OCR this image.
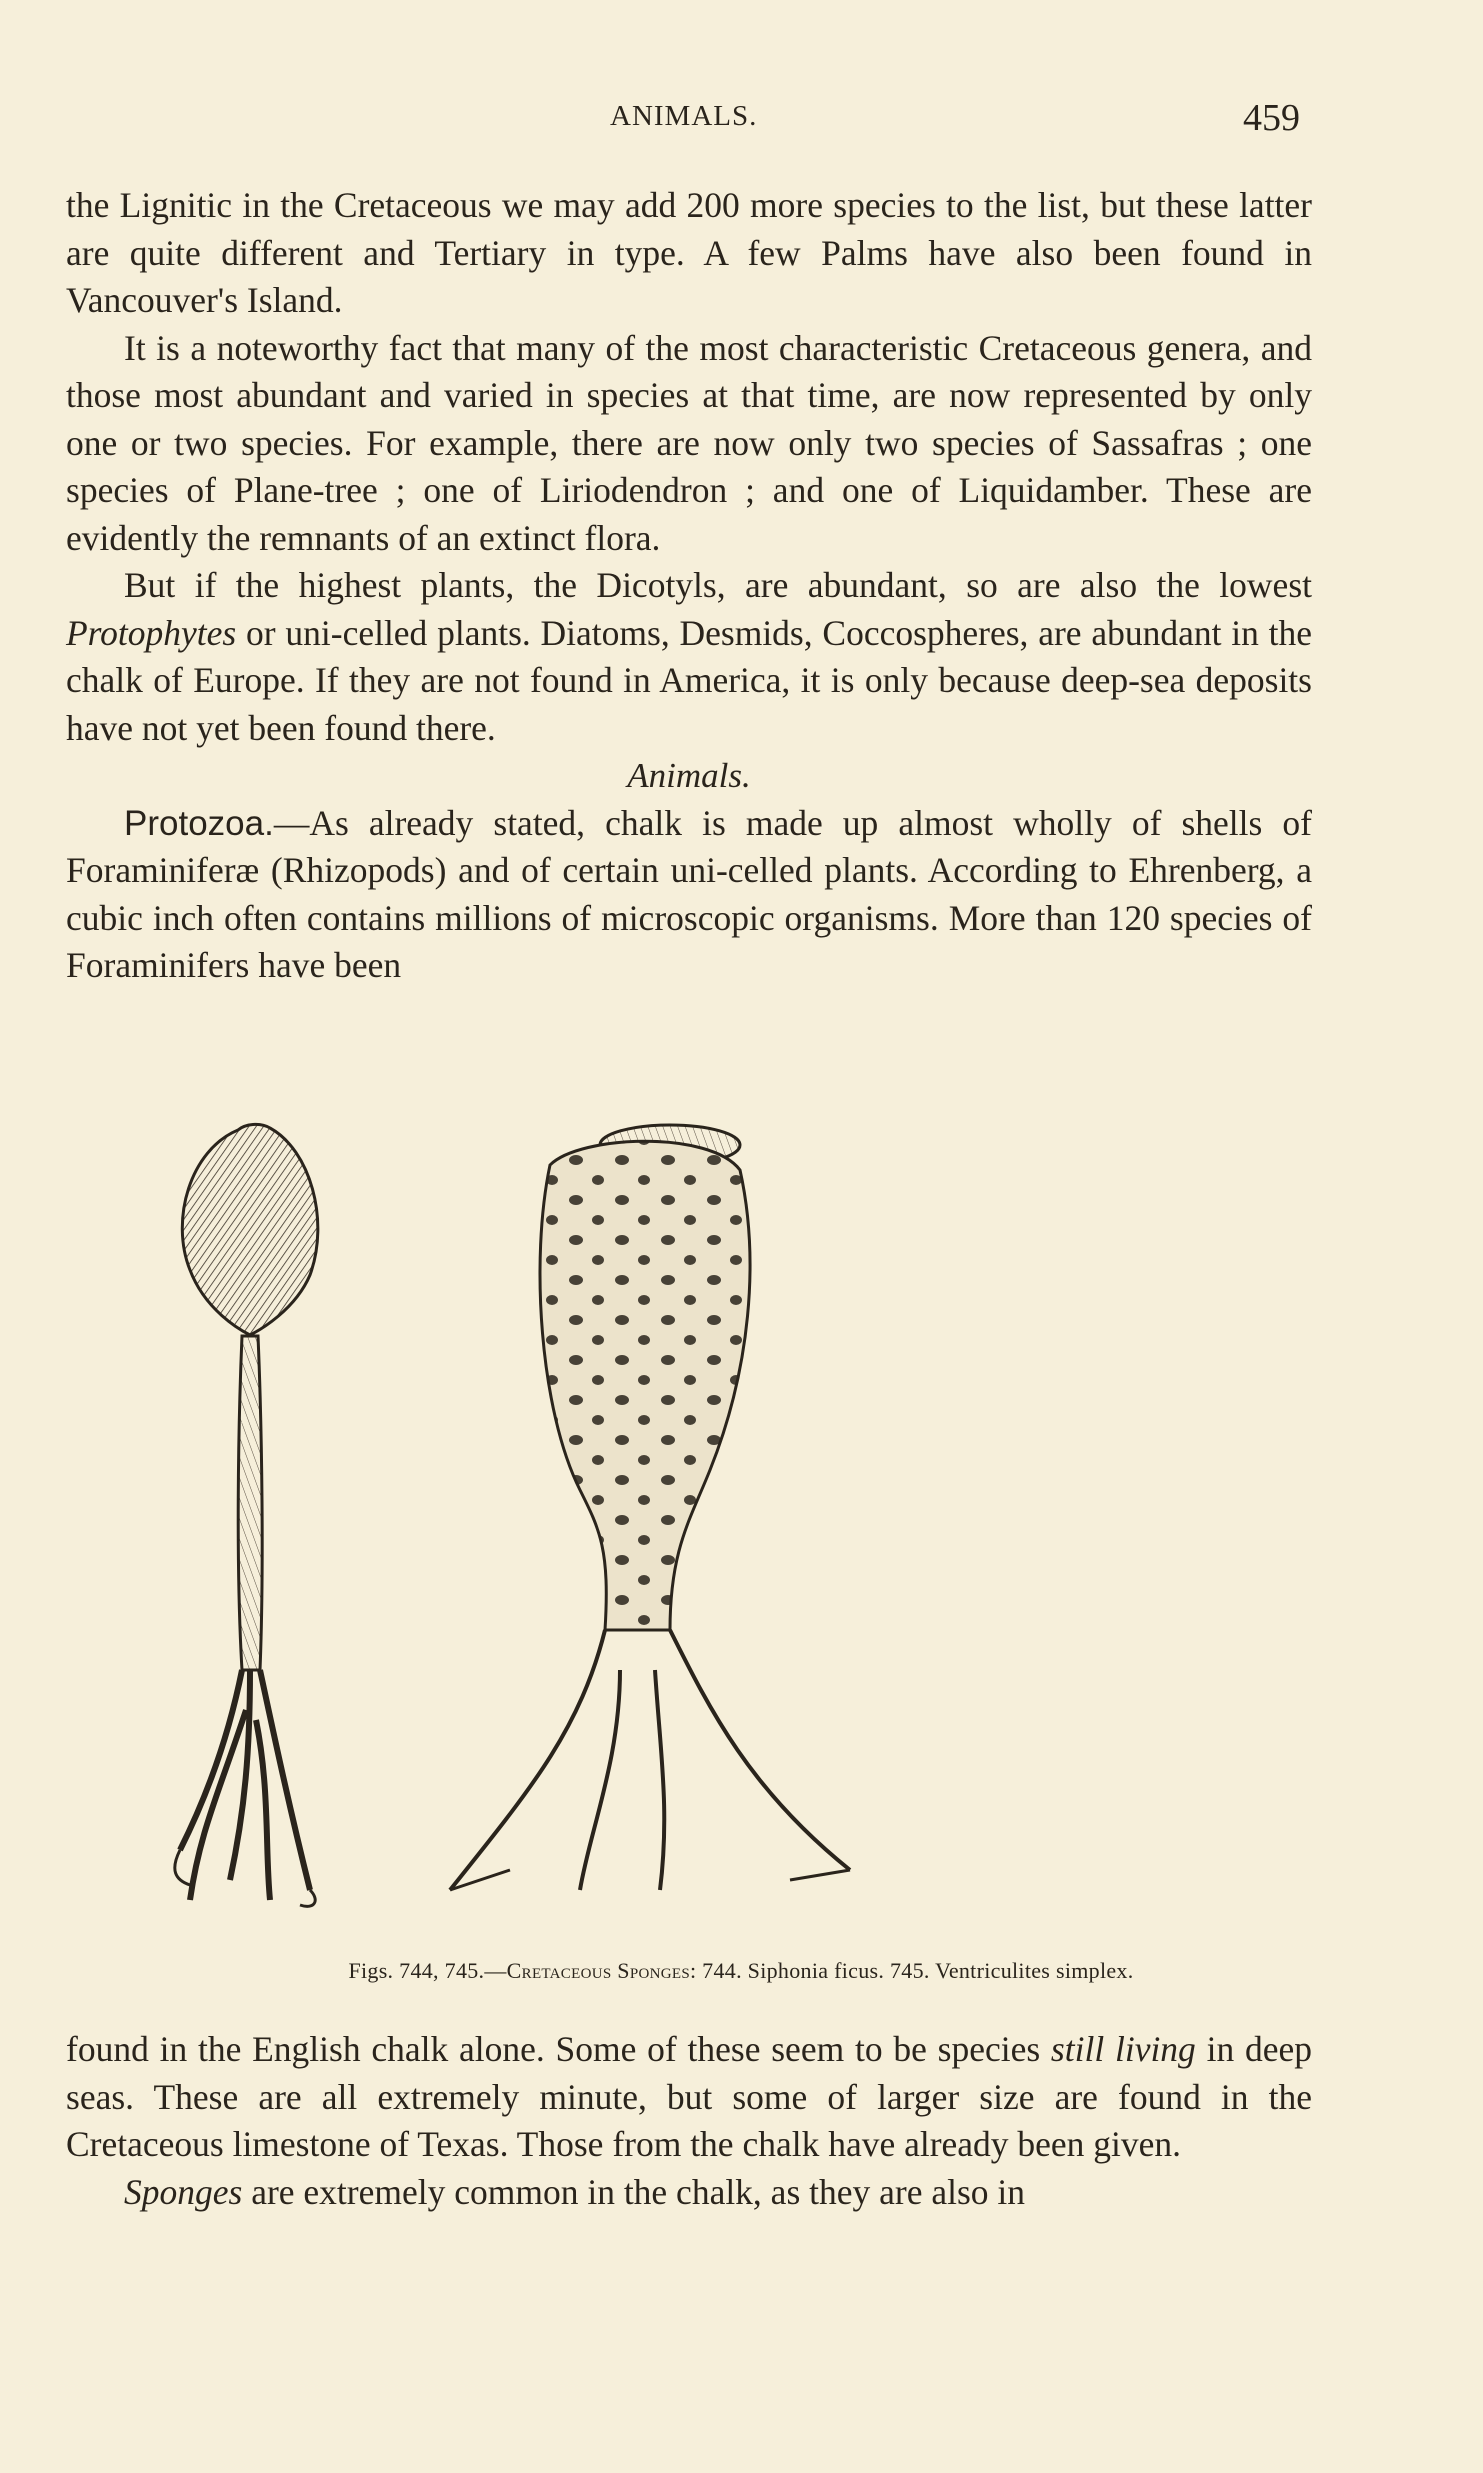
ANIMALS.	459

the Lignitic in the Cretaceous we may add 200 more species to the list, but these latter are quite different and Tertiary in type. A few Palms have also been found in Vancouver's Island.

It is a noteworthy fact that many of the most characteristic Cretaceous genera, and those most abundant and varied in species at that time, are now represented by only one or two species. For example, there are now only two species of Sassafras ; one species of Plane-tree ; one of Liriodendron ; and one of Liquidamber. These are evidently the remnants of an extinct flora.

But if the highest plants, the Dicotyls, are abundant, so are also the lowest Protophytes or uni-celled plants. Diatoms, Desmids, Coccospheres, are abundant in the chalk of Europe. If they are not found in America, it is only because deep-sea deposits have not yet been found there.

Animals.

Protozoa.—As already stated, chalk is made up almost wholly of shells of Foraminiferæ (Rhizopods) and of certain uni-celled plants. According to Ehrenberg, a cubic inch often contains millions of microscopic organisms. More than 120 species of Foraminifers have been

Figs. 744, 745.—Cretaceous Sponges: 744. Siphonia ficus. 745. Ventriculites simplex.

found in the English chalk alone. Some of these seem to be species still living in deep seas. These are all extremely minute, but some of larger size are found in the Cretaceous limestone of Texas. Those from the chalk have already been given.

Sponges are extremely common in the chalk, as they are also in
